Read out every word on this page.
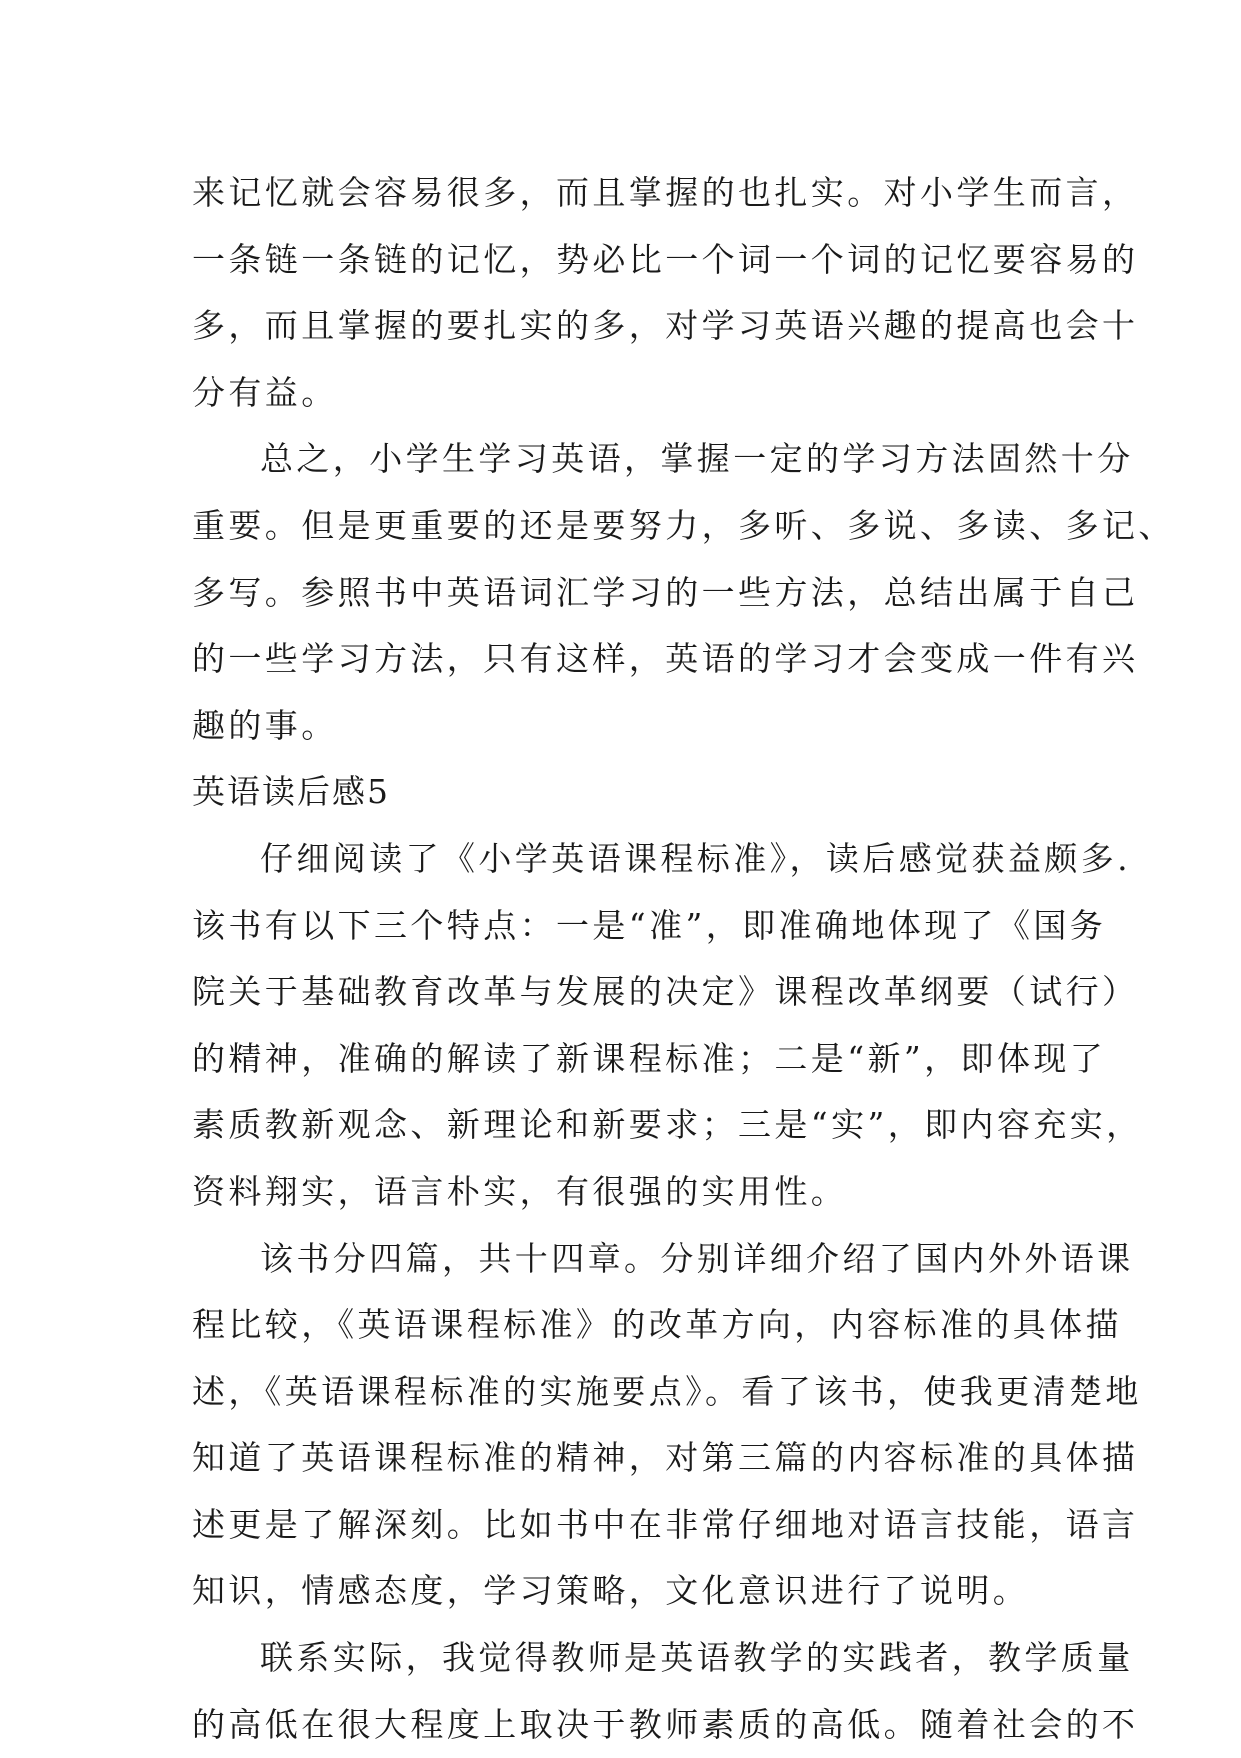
来记忆就会容易很多，而且掌握的也扎实。对小学生而言，
一条链一条链的记忆，势必比一个词一个词的记忆要容易的
多，而且掌握的要扎实的多，对学习英语兴趣的提高也会十
分有益。
总之，小学生学习英语，掌握一定的学习方法固然十分
重要。但是更重要的还是要努力，多听、多说、多读、多记、
多写。参照书中英语词汇学习的一些方法，总结出属于自己
的一些学习方法，只有这样，英语的学习才会变成一件有兴
趣的事。
英语读后感5
仔细阅读了《小学英语课程标准》，读后感觉获益颇多.
该书有以下三个特点：一是“准”，即准确地体现了《国务
院关于基础教育改革与发展的决定》课程改革纲要（试行）
的精神，准确的解读了新课程标准；二是“新”，即体现了
素质教新观念、新理论和新要求；三是“实”，即内容充实，
资料翔实，语言朴实，有很强的实用性。
该书分四篇，共十四章。分别详细介绍了国内外外语课
程比较，《英语课程标准》的改革方向，内容标准的具体描
述，《英语课程标准的实施要点》。看了该书，使我更清楚地
知道了英语课程标准的精神，对第三篇的内容标准的具体描
述更是了解深刻。比如书中在非常仔细地对语言技能，语言
知识，情感态度，学习策略，文化意识进行了说明。
联系实际，我觉得教师是英语教学的实践者，教学质量
的高低在很大程度上取决于教师素质的高低。随着社会的不
